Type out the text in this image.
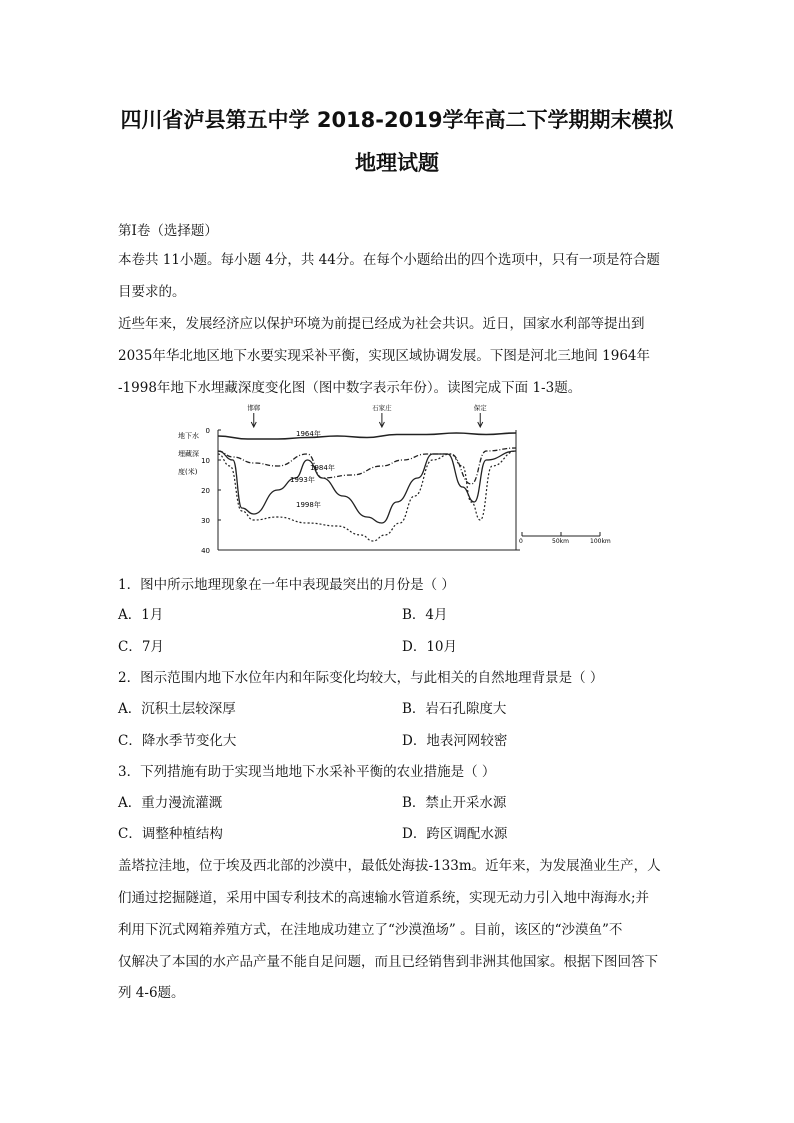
四川省泸县第五中学 2018-2019学年高二下学期期末模拟
地理试题
第Ⅰ卷（选择题）
本卷共 11小题。每小题 4分，共 44分。在每个小题给出的四个选项中，只有一项是符合题
目要求的。
近些年来，发展经济应以保护环境为前提已经成为社会共识。近日，国家水利部等提出到
2035年华北地区地下水要实现采补平衡，实现区域协调发展。下图是河北三地间 1964年
-1998年地下水埋藏深度变化图（图中数字表示年份）。读图完成下面 1-3题。
地下水
埋藏深
度(米)
0
10
20
30
40
邯郸	石家庄	保定
1964年
1984年
1993年
1998年
0	50km	100km
1．图中所示地理现象在一年中表现最突出的月份是（ ）
A．1月	B．4月
C．7月	D．10月
2．图示范围内地下水位年内和年际变化均较大，与此相关的自然地理背景是（ ）
A．沉积土层较深厚	B．岩石孔隙度大
C．降水季节变化大	D．地表河网较密
3．下列措施有助于实现当地地下水采补平衡的农业措施是（ ）
A．重力漫流灌溉	B．禁止开采水源
C．调整种植结构	D．跨区调配水源
盖塔拉洼地，位于埃及西北部的沙漠中，最低处海拔-133m。近年来，为发展渔业生产，人
们通过挖掘隧道，采用中国专利技术的高速输水管道系统，实现无动力引入地中海海水;并
利用下沉式网箱养殖方式，在洼地成功建立了“沙漠渔场” 。目前，该区的“沙漠鱼”不
仅解决了本国的水产品产量不能自足问题，而且已经销售到非洲其他国家。根据下图回答下
列 4-6题。
